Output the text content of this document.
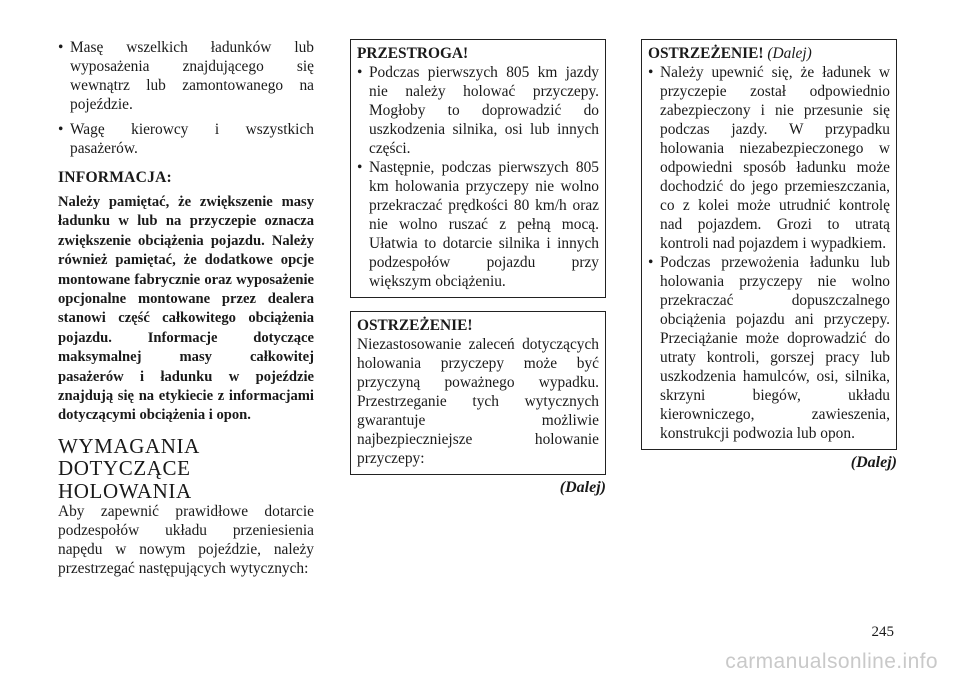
• Masę wszelkich ładunków lub wyposażenia znajdującego się wewnątrz lub zamontowanego na pojeździe.
• Wagę kierowcy i wszystkich pasażerów.
INFORMACJA:
Należy pamiętać, że zwiększenie masy ładunku w lub na przyczepie oznacza zwiększenie obciążenia pojazdu. Należy również pamiętać, że dodatkowe opcje montowane fabrycznie oraz wyposażenie opcjonalne montowane przez dealera stanowi część całkowitego obciążenia pojazdu. Informacje dotyczące maksymalnej masy całkowitej pasażerów i ładunku w pojeździe znajdują się na etykiecie z informacjami dotyczącymi obciążenia i opon.
WYMAGANIA
DOTYCZĄCE
HOLOWANIA
Aby zapewnić prawidłowe dotarcie podzespołów układu przeniesienia napędu w nowym pojeździe, należy przestrzegać następujących wytycznych:
PRZESTROGA!
• Podczas pierwszych 805 km jazdy nie należy holować przyczepy. Mogłoby to doprowadzić do uszkodzenia silnika, osi lub innych części.
• Następnie, podczas pierwszych 805 km holowania przyczepy nie wolno przekraczać prędkości 80 km/h oraz nie wolno ruszać z pełną mocą. Ułatwia to dotarcie silnika i innych podzespołów pojazdu przy większym obciążeniu.
OSTRZEŻENIE!
Niezastosowanie zaleceń dotyczących holowania przyczepy może być przyczyną poważnego wypadku. Przestrzeganie tych wytycznych gwarantuje możliwie najbezpieczniejsze holowanie przyczepy:
(Dalej)
OSTRZEŻENIE! (Dalej)
• Należy upewnić się, że ładunek w przyczepie został odpowiednio zabezpieczony i nie przesunie się podczas jazdy. W przypadku holowania niezabezpieczonego w odpowiedni sposób ładunku może dochodzić do jego przemieszczania, co z kolei może utrudnić kontrolę nad pojazdem. Grozi to utratą kontroli nad pojazdem i wypadkiem.
• Podczas przewożenia ładunku lub holowania przyczepy nie wolno przekraczać dopuszczalnego obciążenia pojazdu ani przyczepy. Przeciążanie może doprowadzić do utraty kontroli, gorszej pracy lub uszkodzenia hamulców, osi, silnika, skrzyni biegów, układu kierowniczego, zawieszenia, konstrukcji podwozia lub opon.
(Dalej)
245
carmanualsonline.info
